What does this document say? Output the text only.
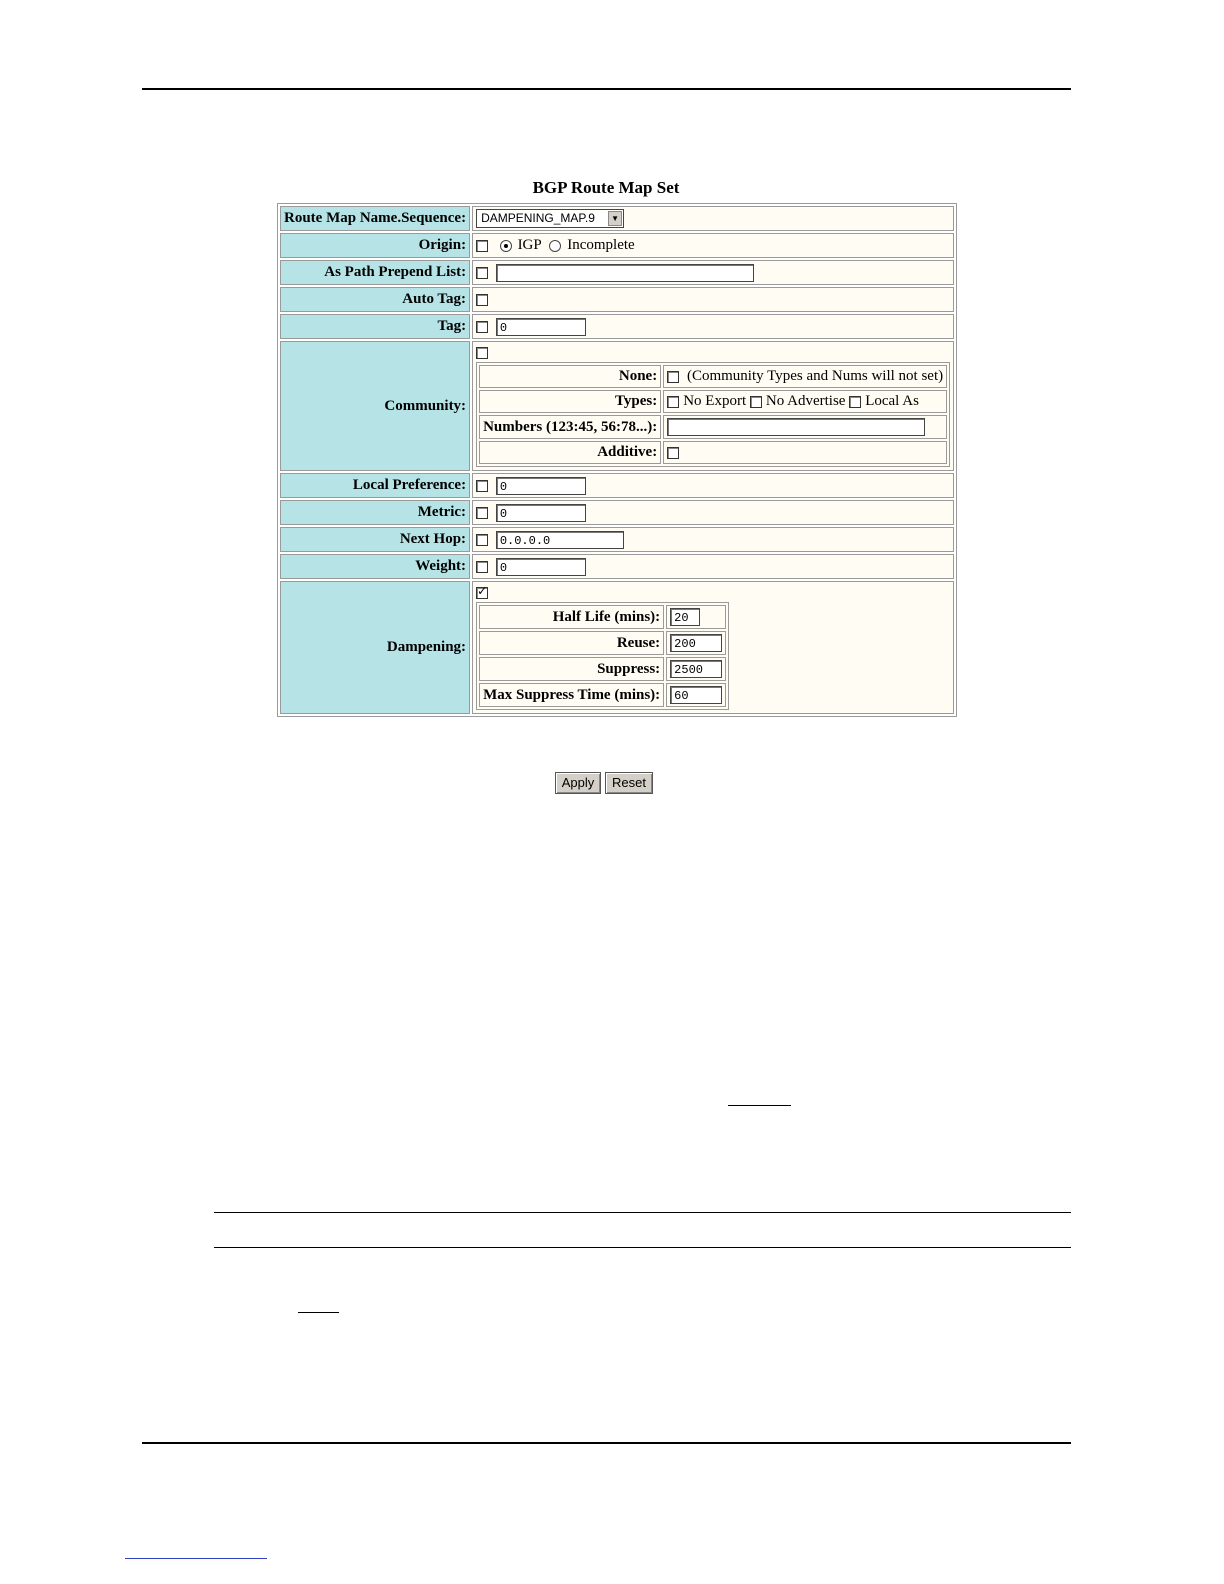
BGP Route Map Set
Route Map Name.Sequence:	DAMPENING_MAP.9	▼

Origin:	IGP Incomplete
As Path Prepend List:	
Auto Tag:	
Tag:	0
Community:	
None:	(Community Types and Nums will not set)
Types:	No Export No Advertise Local As
Numbers (123:45, 56:78...):	
Additive:	

Local Preference:	0
Metric:	0
Next Hop:	0.0.0.0
Weight:	0
Dampening:	✓
Half Life (mins):	20
Reuse:	200
Suppress:	2500
Max Suppress Time (mins):	60
Apply	Reset
